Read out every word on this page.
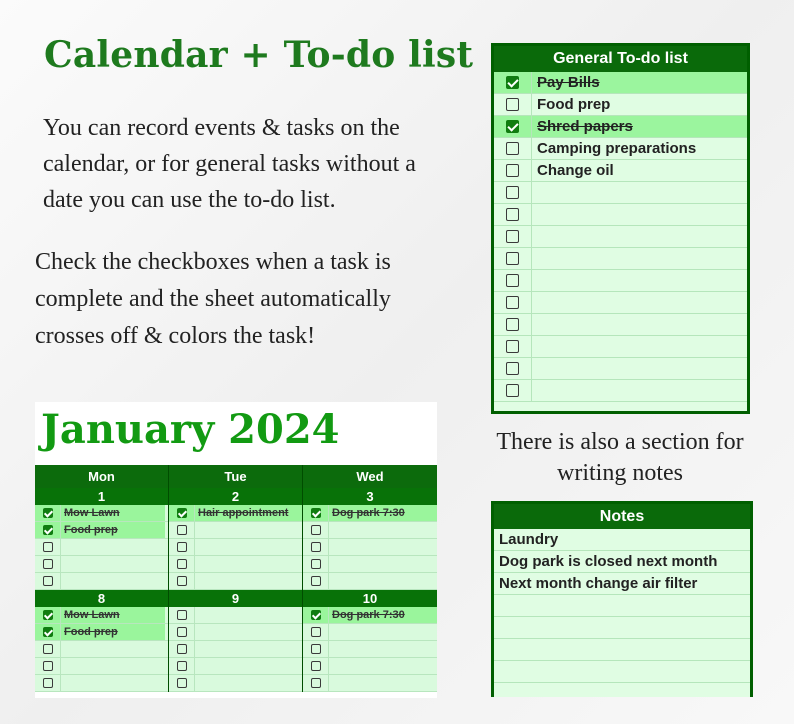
Calendar + To-do list
You can record events & tasks on the calendar, or for general tasks without a date you can use the to-do list.
Check the checkboxes when a task is complete and the sheet automatically crosses off & colors the task!
January 2024
Mon
1
Mow Lawn
Food prep
8
Mow Lawn
Food prep
Tue
2
Hair appointment
9
Wed
3
Dog park 7:30
10
Dog park 7:30
General To-do list
Pay Bills
Food prep
Shred papers
Camping preparations
Change oil
There is also a section for writing notes
Notes
Laundry
Dog park is closed next month
Next month change air filter
